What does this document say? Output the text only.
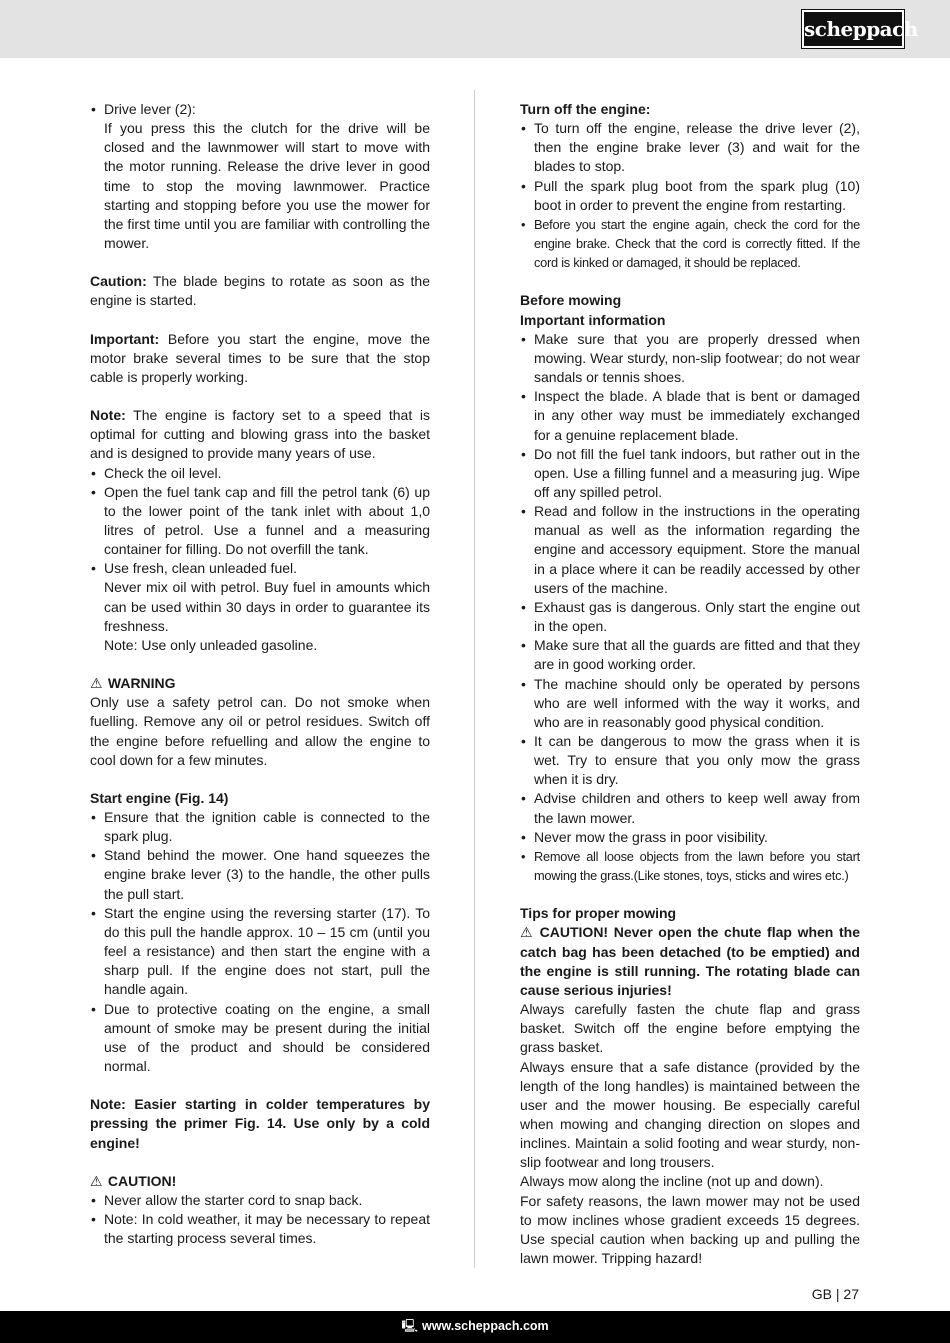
scheppach
• Drive lever (2):
If you press this the clutch for the drive will be closed and the lawnmower will start to move with the motor running. Release the drive lever in good time to stop the moving lawnmower. Practice starting and stopping before you use the mower for the first time until you are familiar with controlling the mower.

Caution: The blade begins to rotate as soon as the engine is started.

Important: Before you start the engine, move the motor brake several times to be sure that the stop cable is properly working.

Note: The engine is factory set to a speed that is optimal for cutting and blowing grass into the basket and is designed to provide many years of use.

• Check the oil level.
• Open the fuel tank cap and fill the petrol tank (6) up to the lower point of the tank inlet with about 1,0 litres of petrol. Use a funnel and a measuring container for filling. Do not overfill the tank.
• Use fresh, clean unleaded fuel.
Never mix oil with petrol. Buy fuel in amounts which can be used within 30 days in order to guarantee its freshness.
Note: Use only unleaded gasoline.

⚠ WARNING

Only use a safety petrol can. Do not smoke when fuelling. Remove any oil or petrol residues. Switch off the engine before refuelling and allow the engine to cool down for a few minutes.

Start engine (Fig. 14)

• Ensure that the ignition cable is connected to the spark plug.
• Stand behind the mower. One hand squeezes the engine brake lever (3) to the handle, the other pulls the pull start.
• Start the engine using the reversing starter (17). To do this pull the handle approx. 10 – 15 cm (until you feel a resistance) and then start the engine with a sharp pull. If the engine does not start, pull the handle again.
• Due to protective coating on the engine, a small amount of smoke may be present during the initial use of the product and should be considered normal.

Note: Easier starting in colder temperatures by pressing the primer Fig. 14. Use only by a cold engine!

⚠ CAUTION!

• Never allow the starter cord to snap back.
• Note: In cold weather, it may be necessary to repeat the starting process several times.

Turn off the engine:

• To turn off the engine, release the drive lever (2), then the engine brake lever (3) and wait for the blades to stop.
• Pull the spark plug boot from the spark plug (10) boot in order to prevent the engine from restarting.
• Before you start the engine again, check the cord for the engine brake. Check that the cord is correctly fitted. If the cord is kinked or damaged, it should be replaced.

Before mowing

Important information

• Make sure that you are properly dressed when mowing. Wear sturdy, non-slip footwear; do not wear sandals or tennis shoes.
• Inspect the blade. A blade that is bent or damaged in any other way must be immediately exchanged for a genuine replacement blade.
• Do not fill the fuel tank indoors, but rather out in the open. Use a filling funnel and a measuring jug. Wipe off any spilled petrol.
• Read and follow in the instructions in the operating manual as well as the information regarding the engine and accessory equipment. Store the manual in a place where it can be readily accessed by other users of the machine.
• Exhaust gas is dangerous. Only start the engine out in the open.
• Make sure that all the guards are fitted and that they are in good working order.
• The machine should only be operated by persons who are well informed with the way it works, and who are in reasonably good physical condition.
• It can be dangerous to mow the grass when it is wet. Try to ensure that you only mow the grass when it is dry.
• Advise children and others to keep well away from the lawn mower.
• Never mow the grass in poor visibility.
• Remove all loose objects from the lawn before you start mowing the grass.(Like stones, toys, sticks and wires etc.)

Tips for proper mowing

⚠ CAUTION! Never open the chute flap when the catch bag has been detached (to be emptied) and the engine is still running. The rotating blade can cause serious injuries!

Always carefully fasten the chute flap and grass basket. Switch off the engine before emptying the grass basket.

Always ensure that a safe distance (provided by the length of the long handles) is maintained between the user and the mower housing. Be especially careful when mowing and changing direction on slopes and inclines. Maintain a solid footing and wear sturdy, non-slip footwear and long trousers.

Always mow along the incline (not up and down).

For safety reasons, the lawn mower may not be used to mow inclines whose gradient exceeds 15 degrees. Use special caution when backing up and pulling the lawn mower. Tripping hazard!

GB | 27
🖳 www.scheppach.com
